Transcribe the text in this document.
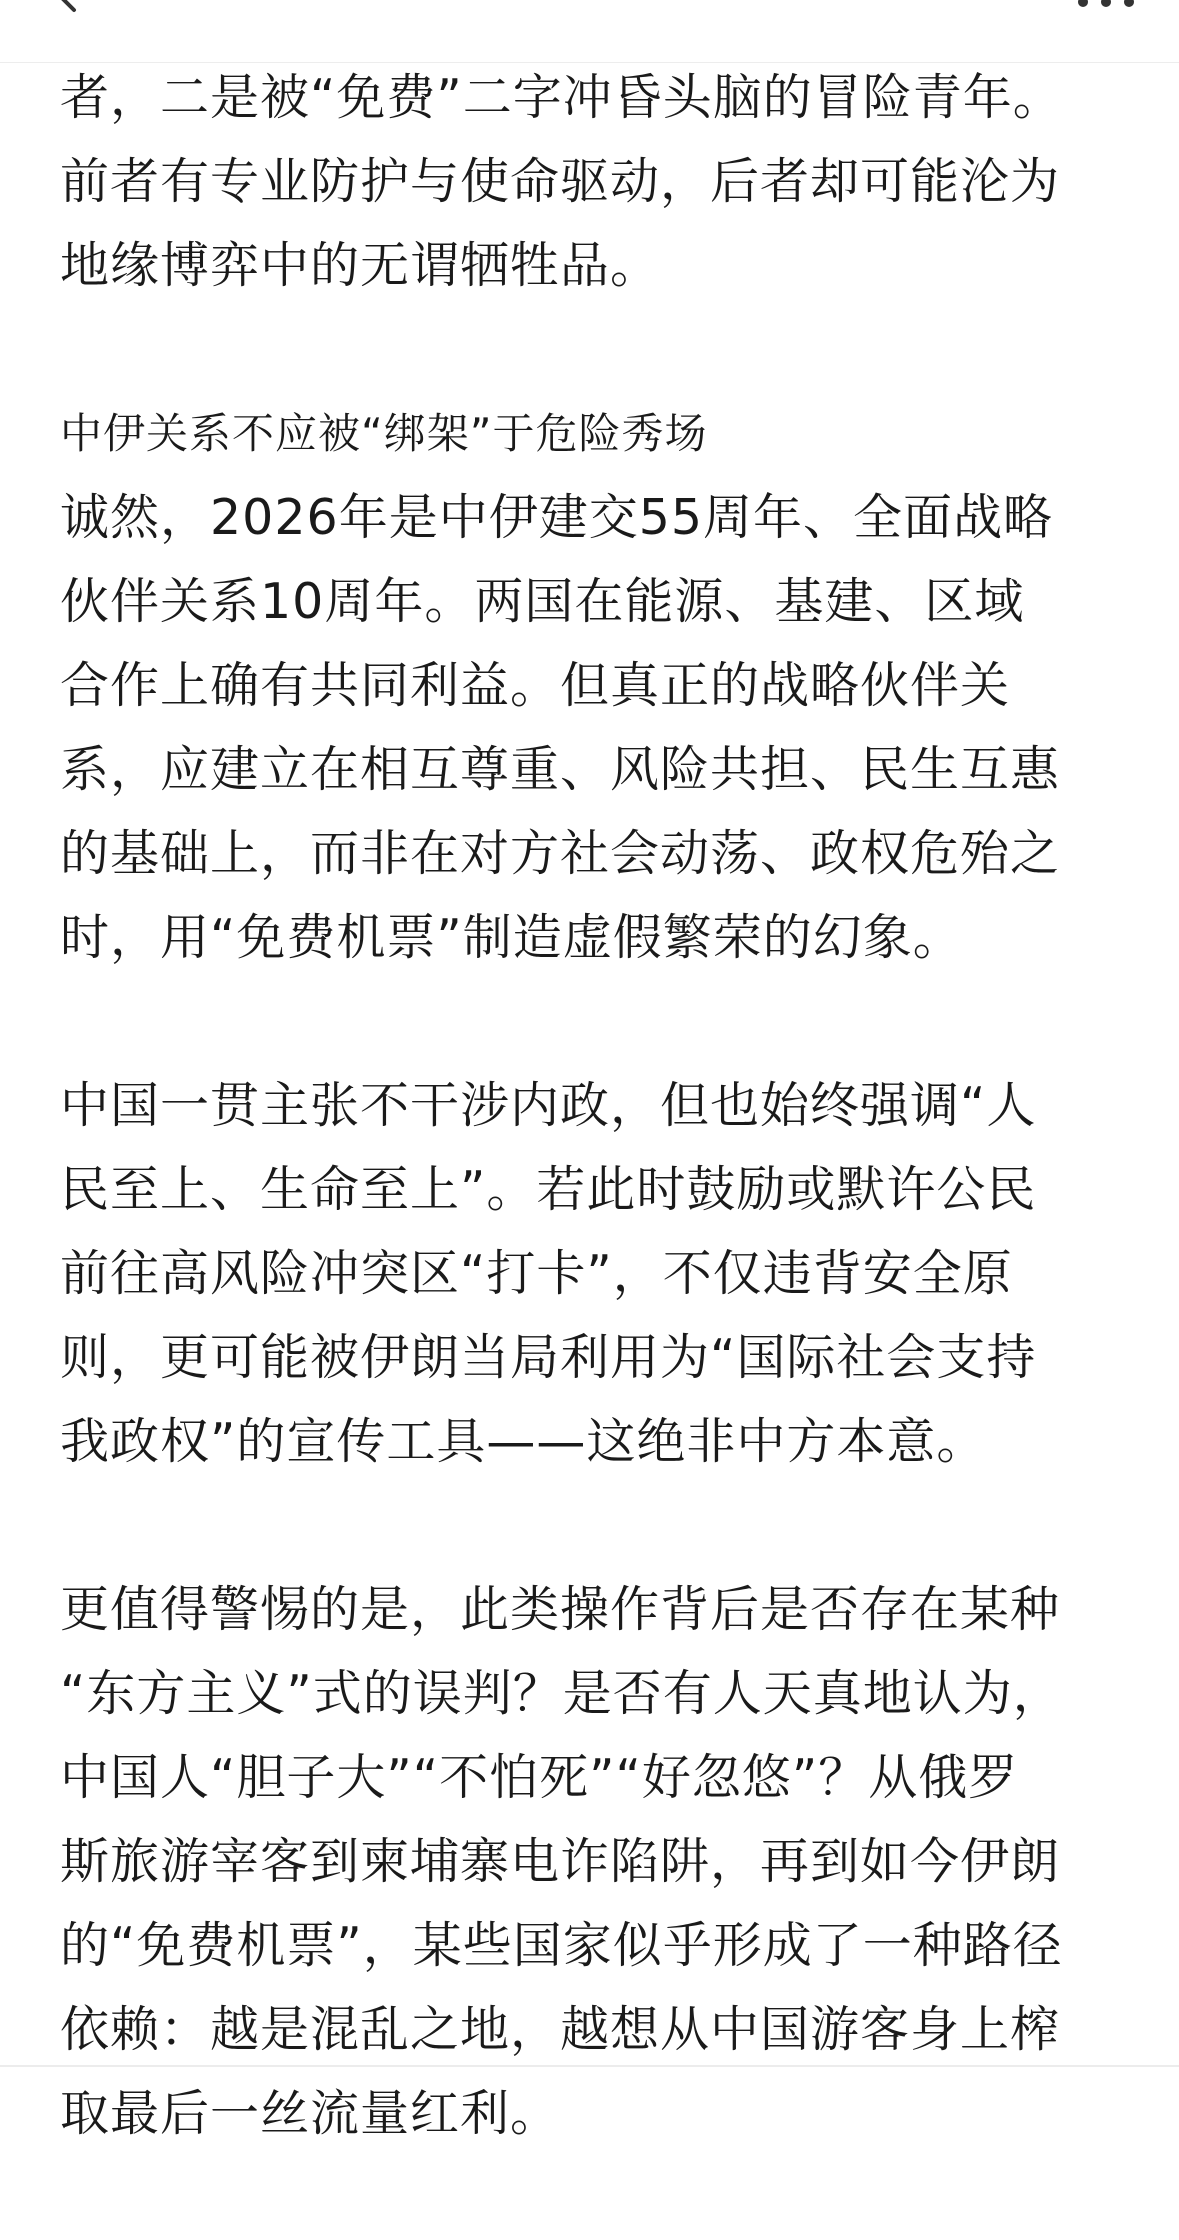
者，二是被“免费”二字冲昏头脑的冒险青年。
前者有专业防护与使命驱动，后者却可能沦为
地缘博弈中的无谓牺牲品。
中伊关系不应被“绑架”于危险秀场
诚然，2026年是中伊建交55周年、全面战略
伙伴关系10周年。两国在能源、基建、区域
合作上确有共同利益。但真正的战略伙伴关
系，应建立在相互尊重、风险共担、民生互惠
的基础上，而非在对方社会动荡、政权危殆之
时，用“免费机票”制造虚假繁荣的幻象。
中国一贯主张不干涉内政，但也始终强调“人
民至上、生命至上”。若此时鼓励或默许公民
前往高风险冲突区“打卡”，不仅违背安全原
则，更可能被伊朗当局利用为“国际社会支持
我政权”的宣传工具——这绝非中方本意。
更值得警惕的是，此类操作背后是否存在某种
“东方主义”式的误判？是否有人天真地认为，
中国人“胆子大”“不怕死”“好忽悠”？从俄罗
斯旅游宰客到柬埔寨电诈陷阱，再到如今伊朗
的“免费机票”，某些国家似乎形成了一种路径
依赖：越是混乱之地，越想从中国游客身上榨
取最后一丝流量红利。
